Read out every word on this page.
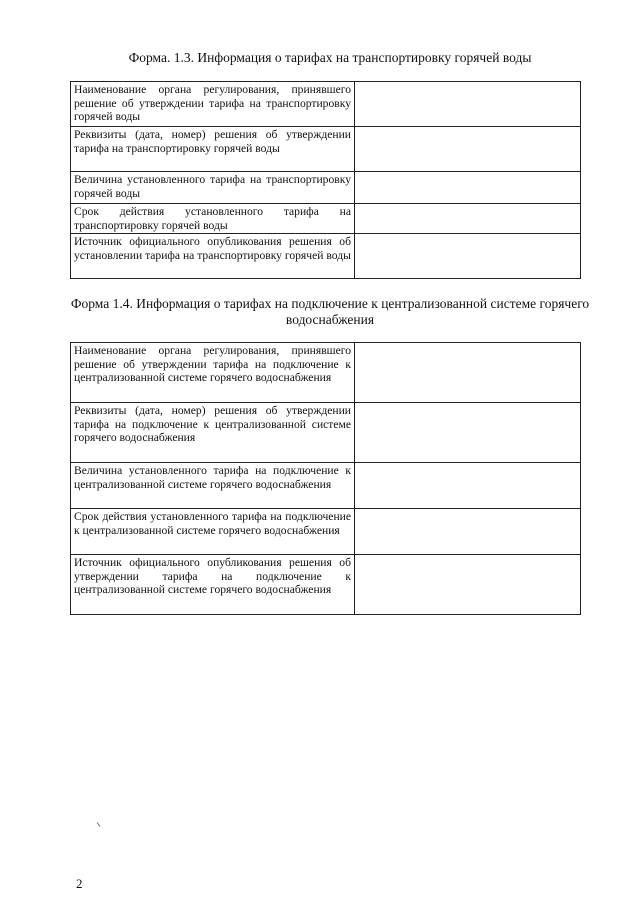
Форма. 1.3. Информация о тарифах на транспортировку горячей воды
Наименование органа регулирования, принявшего решение об утверждении тарифа на транспортировку горячей воды	
Реквизиты (дата, номер) решения об утверждении тарифа на транспортировку горячей воды	
Величина установленного тарифа на транспортировку горячей воды	
Срок действия установленного тарифа на транспортировку горячей воды	
Источник официального опубликования решения об установлении тарифа на транспортировку горячей воды	
Форма 1.4. Информация о тарифах на подключение к централизованной системе горячего водоснабжения
Наименование органа регулирования, принявшего решение об утверждении тарифа на подключение к централизованной системе горячего водоснабжения	
Реквизиты (дата, номер) решения об утверждении тарифа на подключение к централизованной системе горячего водоснабжения	
Величина установленного тарифа на подключение к централизованной системе горячего водоснабжения	
Срок действия установленного тарифа на подключение к централизованной системе горячего водоснабжения	
Источник официального опубликования решения об утверждении тарифа на подключение к централизованной системе горячего водоснабжения	
2
